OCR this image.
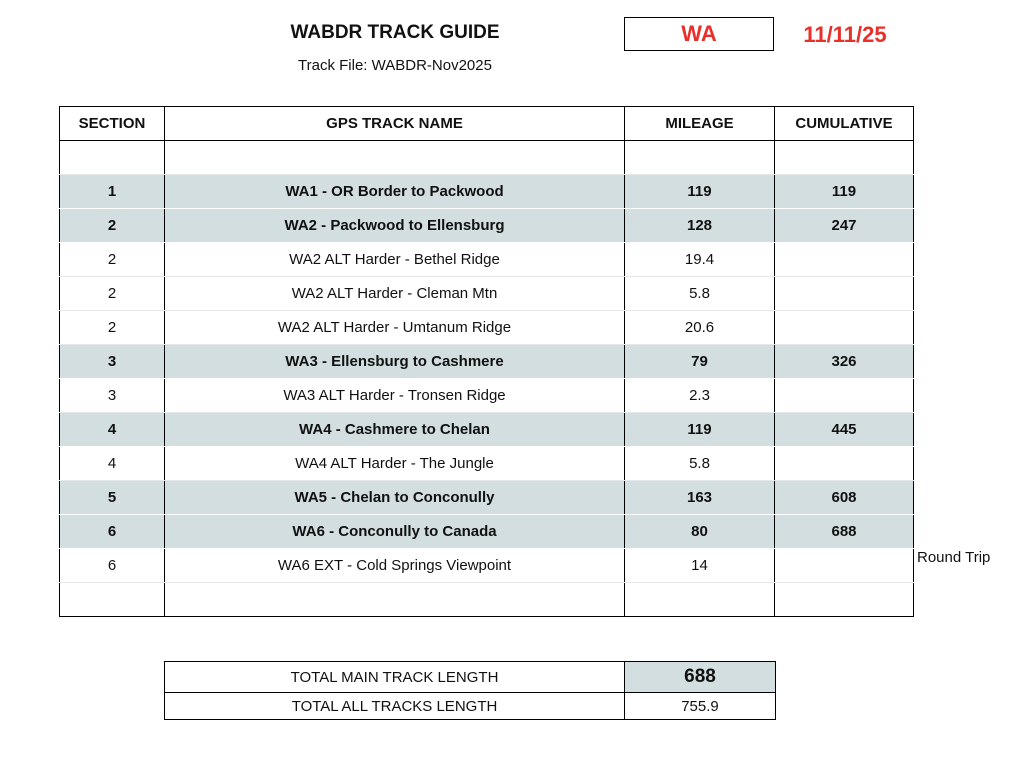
WABDR TRACK GUIDE
Track File: WABDR-Nov2025
WA	11/11/25
SECTION	GPS TRACK NAME	MILEAGE	CUMULATIVE

1	WA1 - OR Border to Packwood	119	119
2	WA2 - Packwood to Ellensburg	128	247
2	WA2 ALT Harder - Bethel Ridge	19.4	
2	WA2 ALT Harder - Cleman Mtn	5.8	
2	WA2 ALT Harder - Umtanum Ridge	20.6	
3	WA3 - Ellensburg to Cashmere	79	326
3	WA3 ALT Harder - Tronsen Ridge	2.3	
4	WA4 - Cashmere to Chelan	119	445
4	WA4 ALT Harder - The Jungle	5.8	
5	WA5 - Chelan to Conconully	163	608
6	WA6 - Conconully to Canada	80	688
6	WA6 EXT - Cold Springs Viewpoint	14	
				Round Trip
TOTAL MAIN TRACK LENGTH	688
TOTAL ALL TRACKS LENGTH	755.9
